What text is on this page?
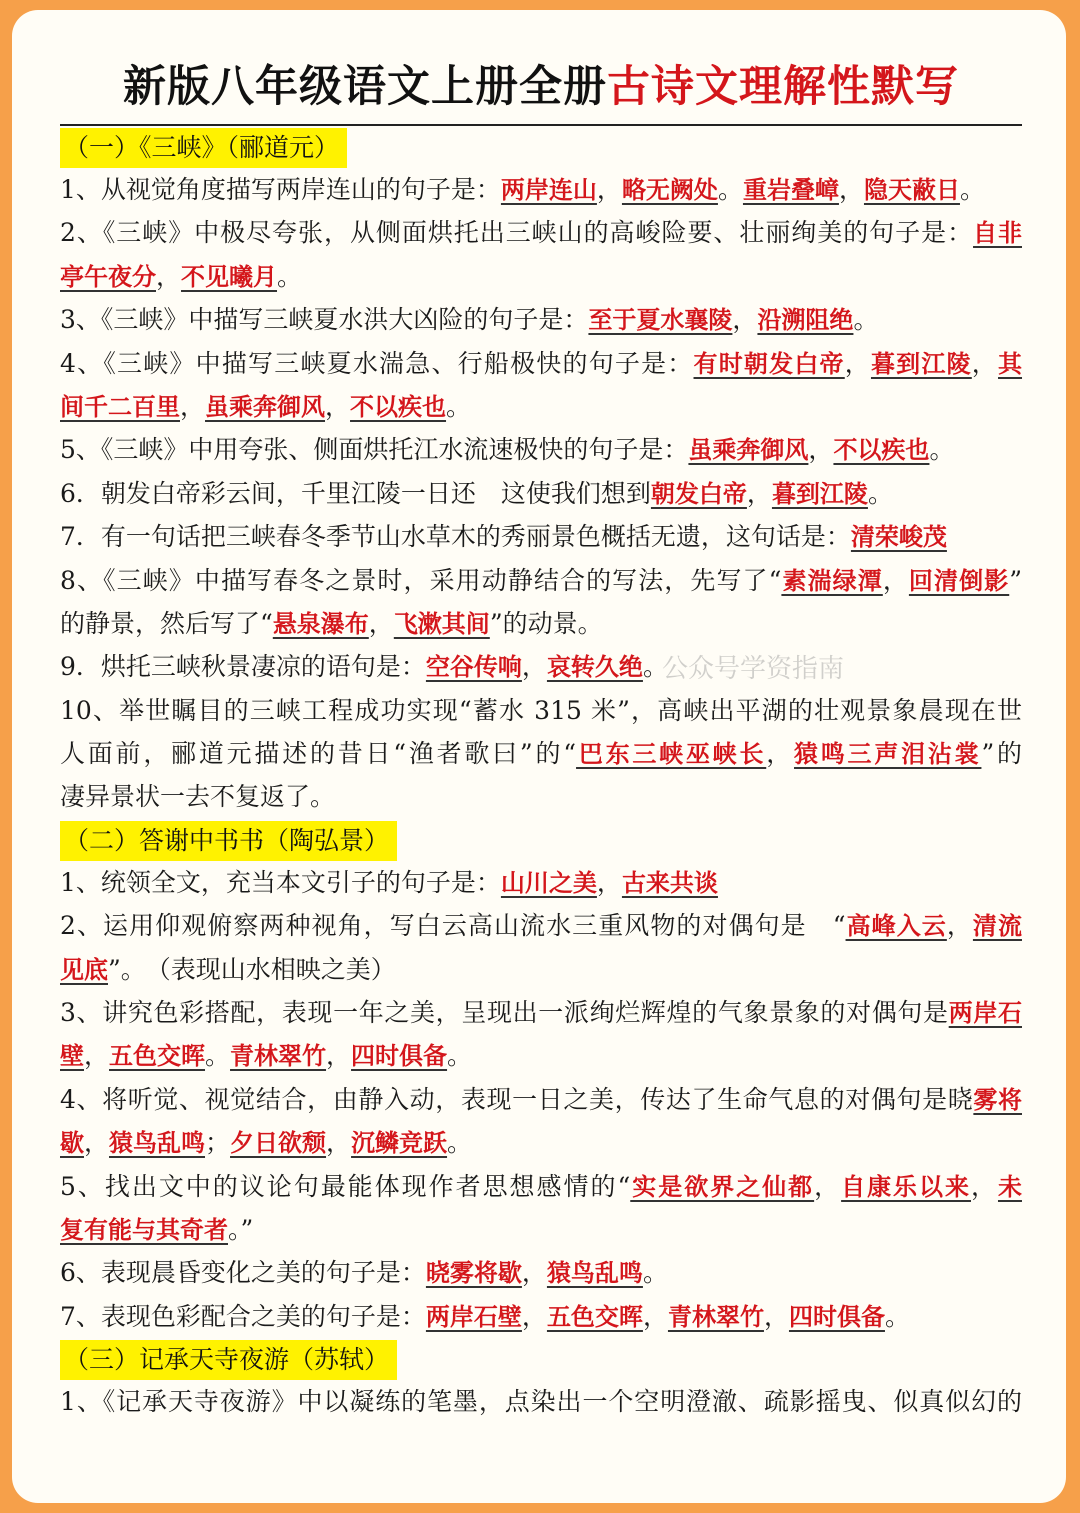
新版八年级语文上册全册古诗文理解性默写
（一）《三峡》（郦道元）
1、从视觉角度描写两岸连山的句子是：两岸连山，略无阙处。重岩叠嶂，隐天蔽日。
2、《三峡》中极尽夸张，从侧面烘托出三峡山的高峻险要、壮丽绚美的句子是：自非
亭午夜分，不见曦月。
3、《三峡》中描写三峡夏水洪大凶险的句子是：至于夏水襄陵，沿溯阻绝。
4、《三峡》中描写三峡夏水湍急、行船极快的句子是：有时朝发白帝，暮到江陵，其
间千二百里，虽乘奔御风，不以疾也。
5、《三峡》中用夸张、侧面烘托江水流速极快的句子是：虽乘奔御风，不以疾也。
6．朝发白帝彩云间，千里江陵一日还　这使我们想到朝发白帝，暮到江陵。
7．有一句话把三峡春冬季节山水草木的秀丽景色概括无遗，这句话是：清荣峻茂
8、《三峡》中描写春冬之景时，采用动静结合的写法，先写了“素湍绿潭，回清倒影”
的静景，然后写了“悬泉瀑布，飞漱其间”的动景。
9．烘托三峡秋景凄凉的语句是：空谷传响，哀转久绝。
10、举世瞩目的三峡工程成功实现“蓄水 315 米”，高峡出平湖的壮观景象晨现在世
人面前，郦道元描述的昔日“渔者歌曰”的“巴东三峡巫峡长，猿鸣三声泪沾裳”的
凄异景状一去不复返了。
（二）答谢中书书（陶弘景）
1、统领全文，充当本文引子的句子是：山川之美，古来共谈
2、运用仰观俯察两种视角，写白云高山流水三重风物的对偶句是　“高峰入云，清流
见底”。　（表现山水相映之美）
3、讲究色彩搭配，表现一年之美，呈现出一派绚烂辉煌的气象景象的对偶句是两岸石
壁，五色交晖。青林翠竹，四时俱备。
4、将听觉、视觉结合，由静入动，表现一日之美，传达了生命气息的对偶句是晓雾将
歇，猿鸟乱鸣；夕日欲颓，沉鳞竞跃。
5、找出文中的议论句最能体现作者思想感情的“实是欲界之仙都，自康乐以来，未
复有能与其奇者。”
6、表现晨昏变化之美的句子是：晓雾将歇，猿鸟乱鸣。
7、表现色彩配合之美的句子是：两岸石壁，五色交晖，青林翠竹，四时俱备。
（三）记承天寺夜游（苏轼）
1、《记承天寺夜游》中以凝练的笔墨，点染出一个空明澄澈、疏影摇曳、似真似幻的
公众号学资指南
